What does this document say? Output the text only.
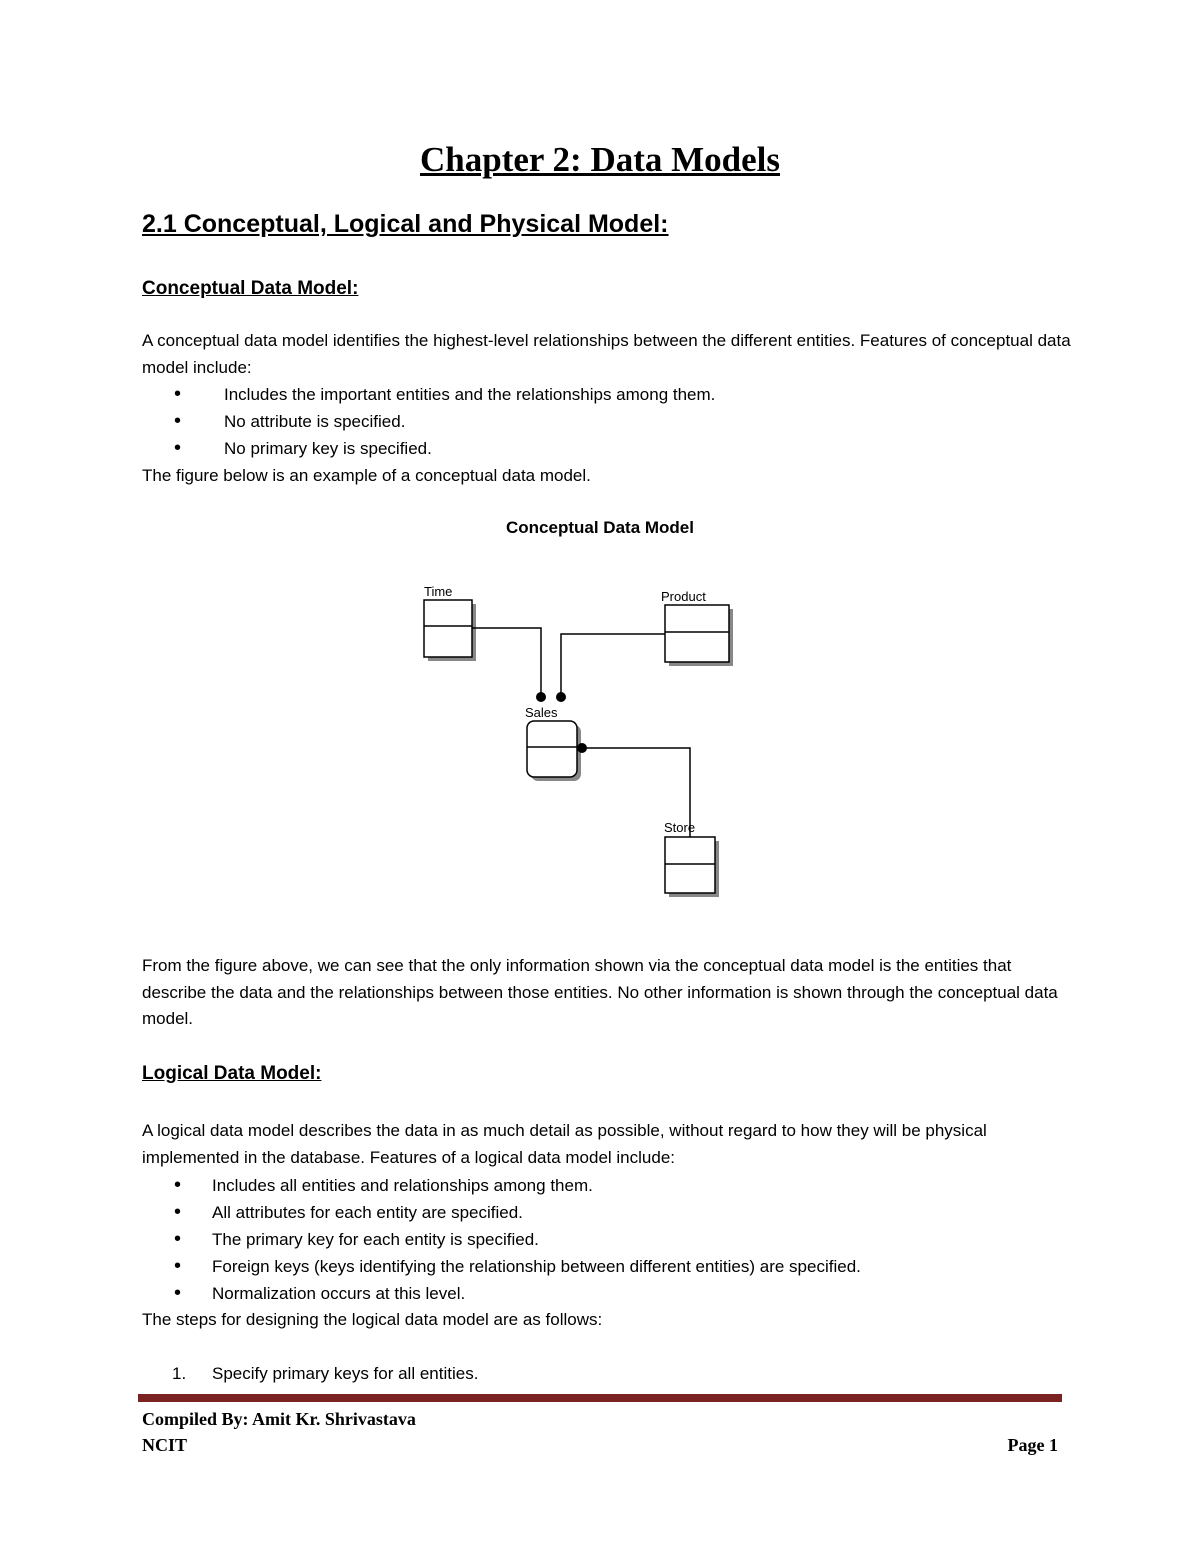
Chapter 2: Data Models
2.1 Conceptual, Logical and Physical Model:
Conceptual Data Model:
A conceptual data model identifies the highest-level relationships between the different entities. Features of conceptual data model include:
• Includes the important entities and the relationships among them.
• No attribute is specified.
• No primary key is specified.
The figure below is an example of a conceptual data model.
Conceptual Data Model
Time	Product
Sales
Store
From the figure above, we can see that the only information shown via the conceptual data model is the entities that describe the data and the relationships between those entities. No other information is shown through the conceptual data model.
Logical Data Model:
A logical data model describes the data in as much detail as possible, without regard to how they will be physical implemented in the database. Features of a logical data model include:
• Includes all entities and relationships among them.
• All attributes for each entity are specified.
• The primary key for each entity is specified.
• Foreign keys (keys identifying the relationship between different entities) are specified.
• Normalization occurs at this level.
The steps for designing the logical data model are as follows:
1. Specify primary keys for all entities.
Compiled By: Amit Kr. Shrivastava
NCIT	Page 1
